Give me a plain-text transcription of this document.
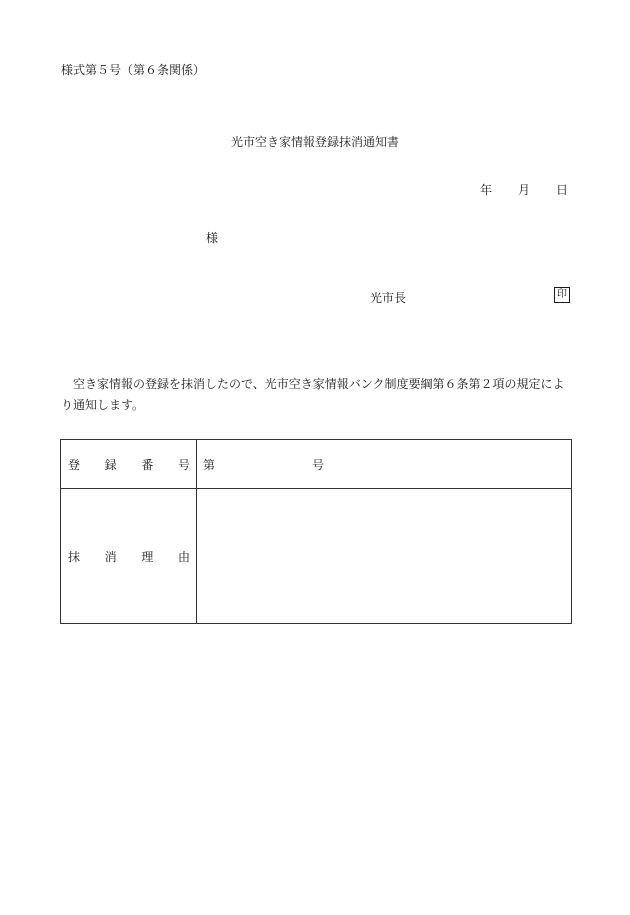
様式第５号（第６条関係）
光市空き家情報登録抹消通知書
年 月 日
様
光市長	印
空き家情報の登録を抹消したので、光市空き家情報バンク制度要綱第６条第２項の規定により通知します。
登 録 番 号	第 号

抹 消 理 由	
